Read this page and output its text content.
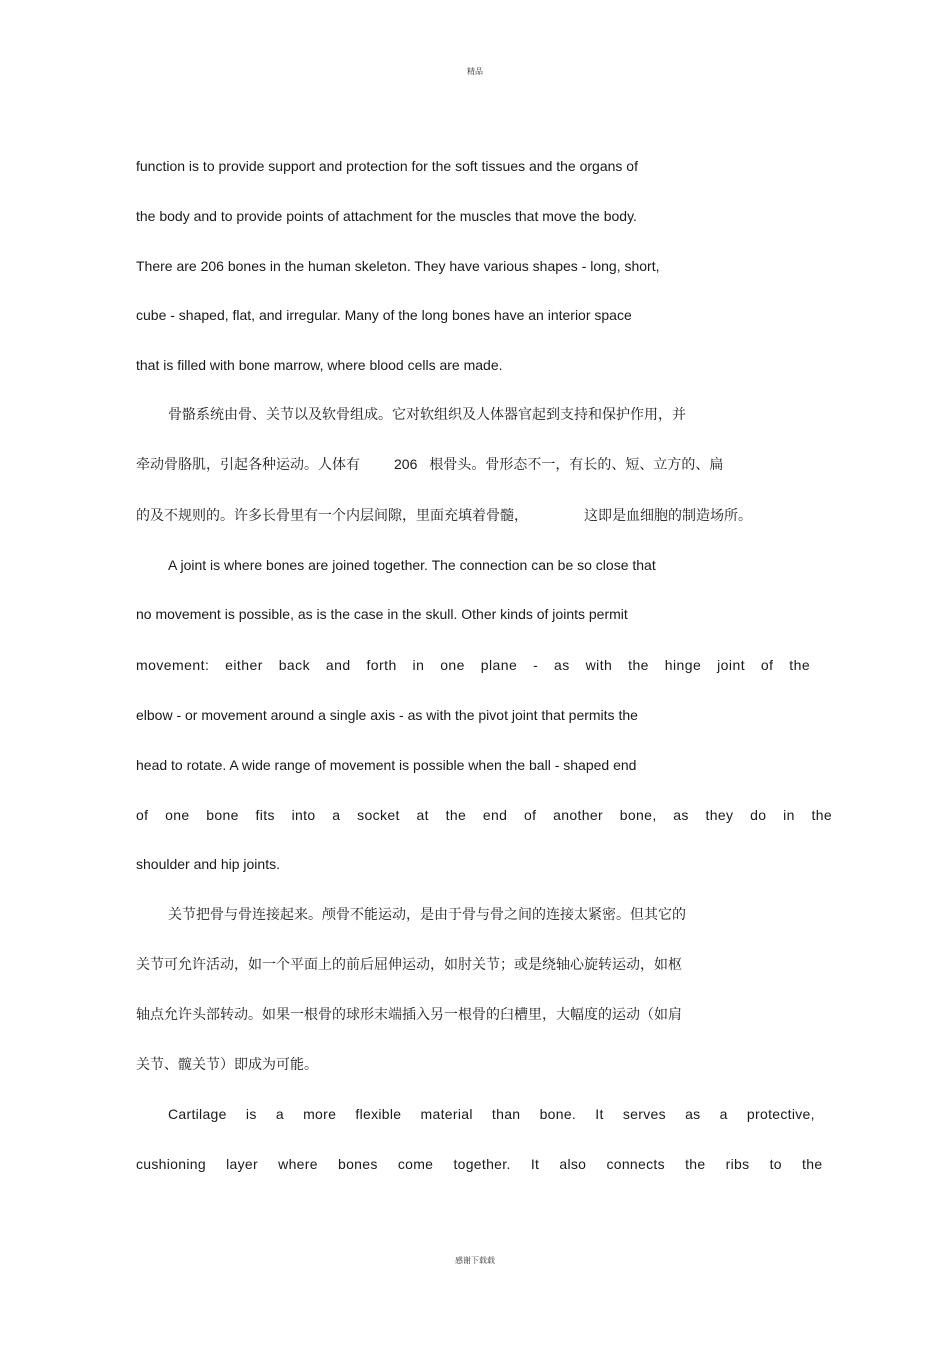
精品
function is to provide support and protection for the soft tissues and the organs of
the body and to provide points of attachment for the muscles that move the body.
There are 206 bones in the human skeleton. They have various shapes - long, short,
cube - shaped, flat, and irregular. Many of the long bones have an interior space
that is filled with bone marrow, where blood cells are made.
骨骼系统由骨、关节以及软骨组成。它对软组织及人体器官起到支持和保护作用，并
牵动骨胳肌，引起各种运动。人体有 206 根骨头。骨形态不一，有长的、短、立方的、扁
的及不规则的。许多长骨里有一个内层间隙，里面充填着骨髓，	这即是血细胞的制造场所。
A joint is where bones are joined together. The connection can be so close that
no movement is possible, as is the case in the skull. Other kinds of joints permit
movement: either back and forth in one plane - as with the hinge joint of the
elbow - or movement around a single axis - as with the pivot joint that permits the
head to rotate. A wide range of movement is possible when the ball - shaped end
of one bone fits into a socket at the end of another bone, as they do in the
shoulder and hip joints.
关节把骨与骨连接起来。颅骨不能运动，是由于骨与骨之间的连接太紧密。但其它的
关节可允许活动，如一个平面上的前后屈伸运动，如肘关节；或是绕轴心旋转运动，如枢
轴点允许头部转动。如果一根骨的球形末端插入另一根骨的臼槽里，大幅度的运动（如肩
关节、髋关节）即成为可能。
Cartilage is a more flexible material than bone. It serves as a protective,
cushioning layer where bones come together. It also connects the ribs to the
感谢下载载
